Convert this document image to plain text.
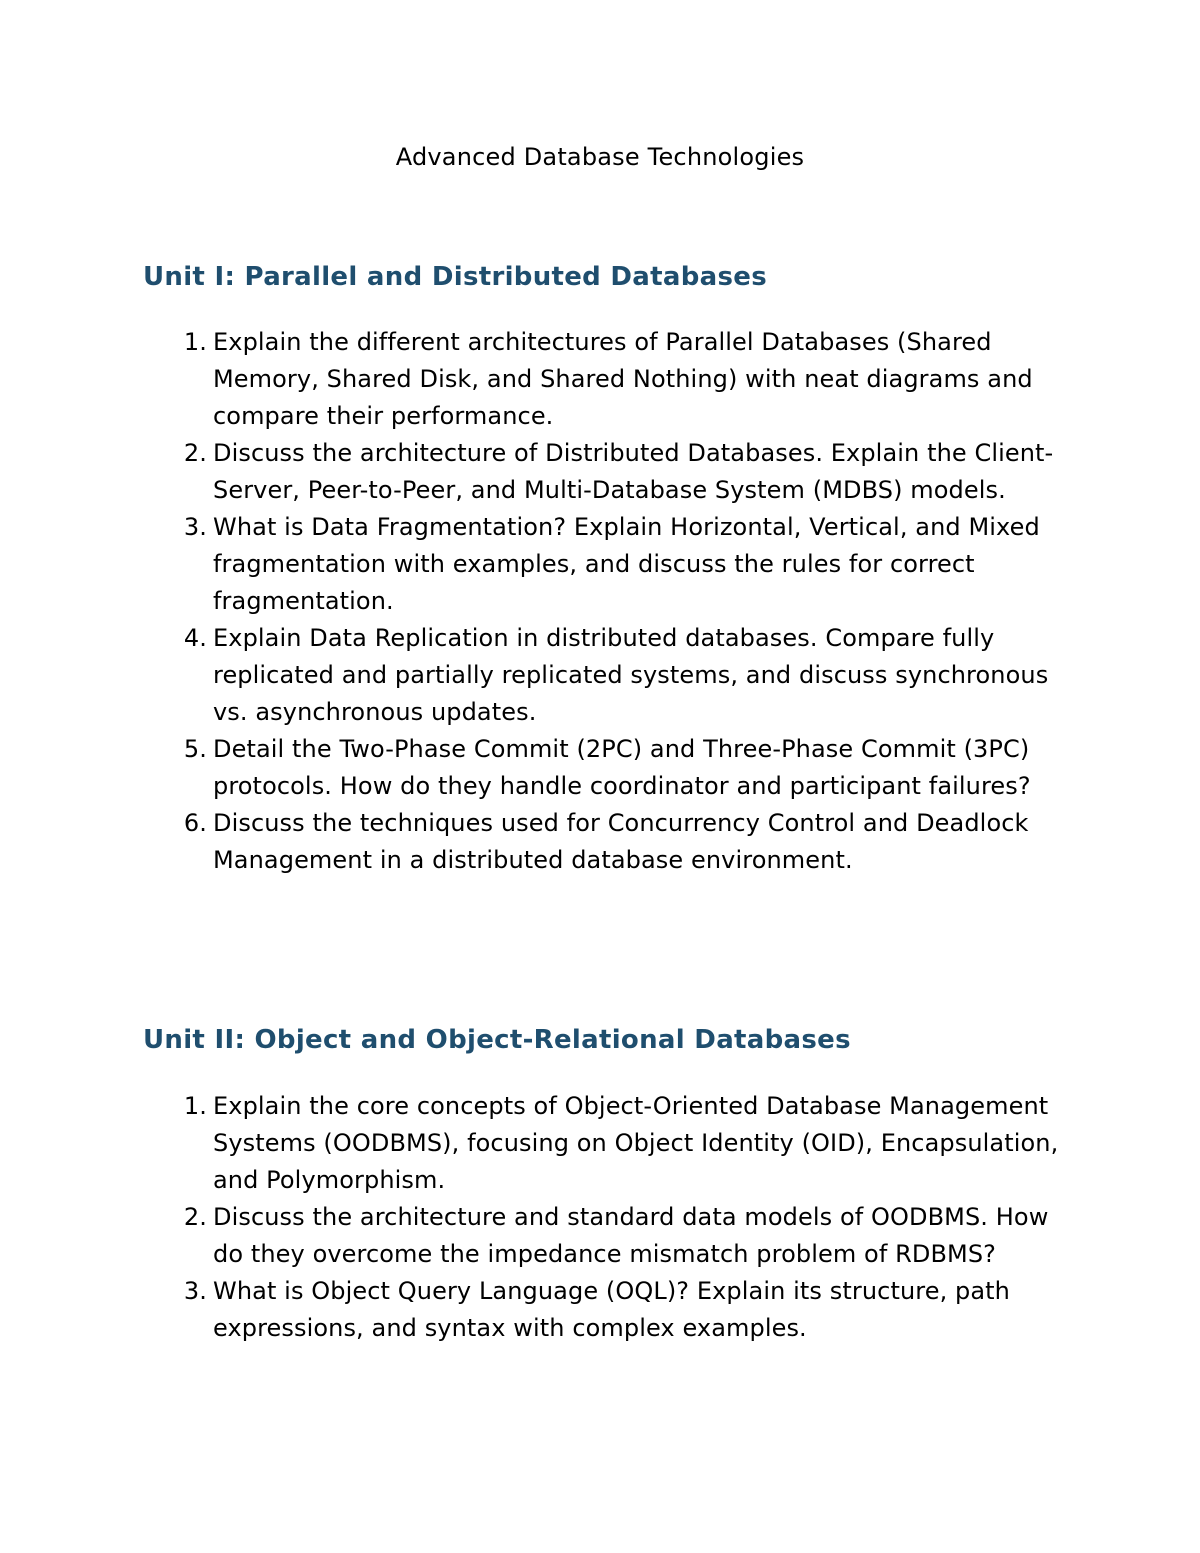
Advanced Database Technologies
Unit I: Parallel and Distributed Databases
1. Explain the different architectures of Parallel Databases (Shared Memory, Shared Disk, and Shared Nothing) with neat diagrams and compare their performance.
2. Discuss the architecture of Distributed Databases. Explain the Client-Server, Peer-to-Peer, and Multi-Database System (MDBS) models.
3. What is Data Fragmentation? Explain Horizontal, Vertical, and Mixed fragmentation with examples, and discuss the rules for correct fragmentation.
4. Explain Data Replication in distributed databases. Compare fully replicated and partially replicated systems, and discuss synchronous vs. asynchronous updates.
5. Detail the Two-Phase Commit (2PC) and Three-Phase Commit (3PC) protocols. How do they handle coordinator and participant failures?
6. Discuss the techniques used for Concurrency Control and Deadlock Management in a distributed database environment.
Unit II: Object and Object-Relational Databases
1. Explain the core concepts of Object-Oriented Database Management Systems (OODBMS), focusing on Object Identity (OID), Encapsulation, and Polymorphism.
2. Discuss the architecture and standard data models of OODBMS. How do they overcome the impedance mismatch problem of RDBMS?
3. What is Object Query Language (OQL)? Explain its structure, path expressions, and syntax with complex examples.
